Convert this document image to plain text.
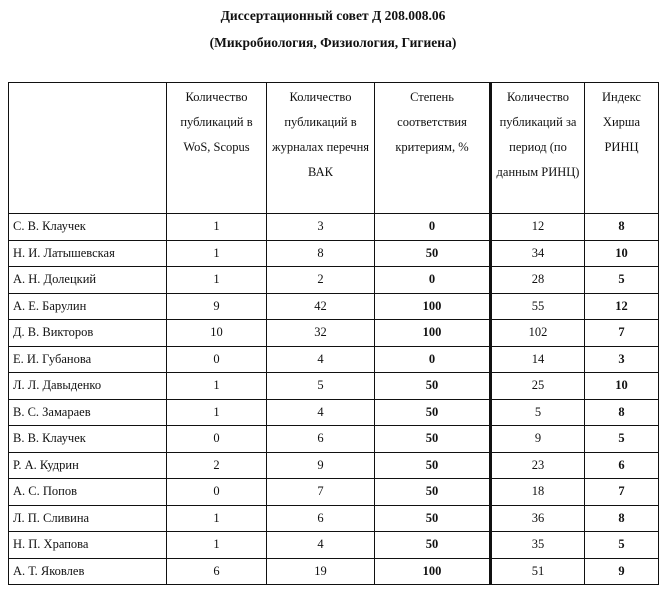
Диссертационный совет Д 208.008.06
(Микробиология, Физиология, Гигиена)
	Количество публикаций в WoS, Scopus	Количество публикаций в журналах перечня ВАК	Степень соответствия критериям, %	Количество публикаций за период (по данным РИНЦ)	Индекс Хирша РИНЦ
С. В. Клаучек	1	3	0	12	8
Н. И. Латышевская	1	8	50	34	10
А. Н. Долецкий	1	2	0	28	5
А. Е. Барулин	9	42	100	55	12
Д. В. Викторов	10	32	100	102	7
Е. И. Губанова	0	4	0	14	3
Л. Л. Давыденко	1	5	50	25	10
В. С. Замараев	1	4	50	5	8
В. В. Клаучек	0	6	50	9	5
Р. А. Кудрин	2	9	50	23	6
А. С. Попов	0	7	50	18	7
Л. П. Сливина	1	6	50	36	8
Н. П. Храпова	1	4	50	35	5
А. Т. Яковлев	6	19	100	51	9
